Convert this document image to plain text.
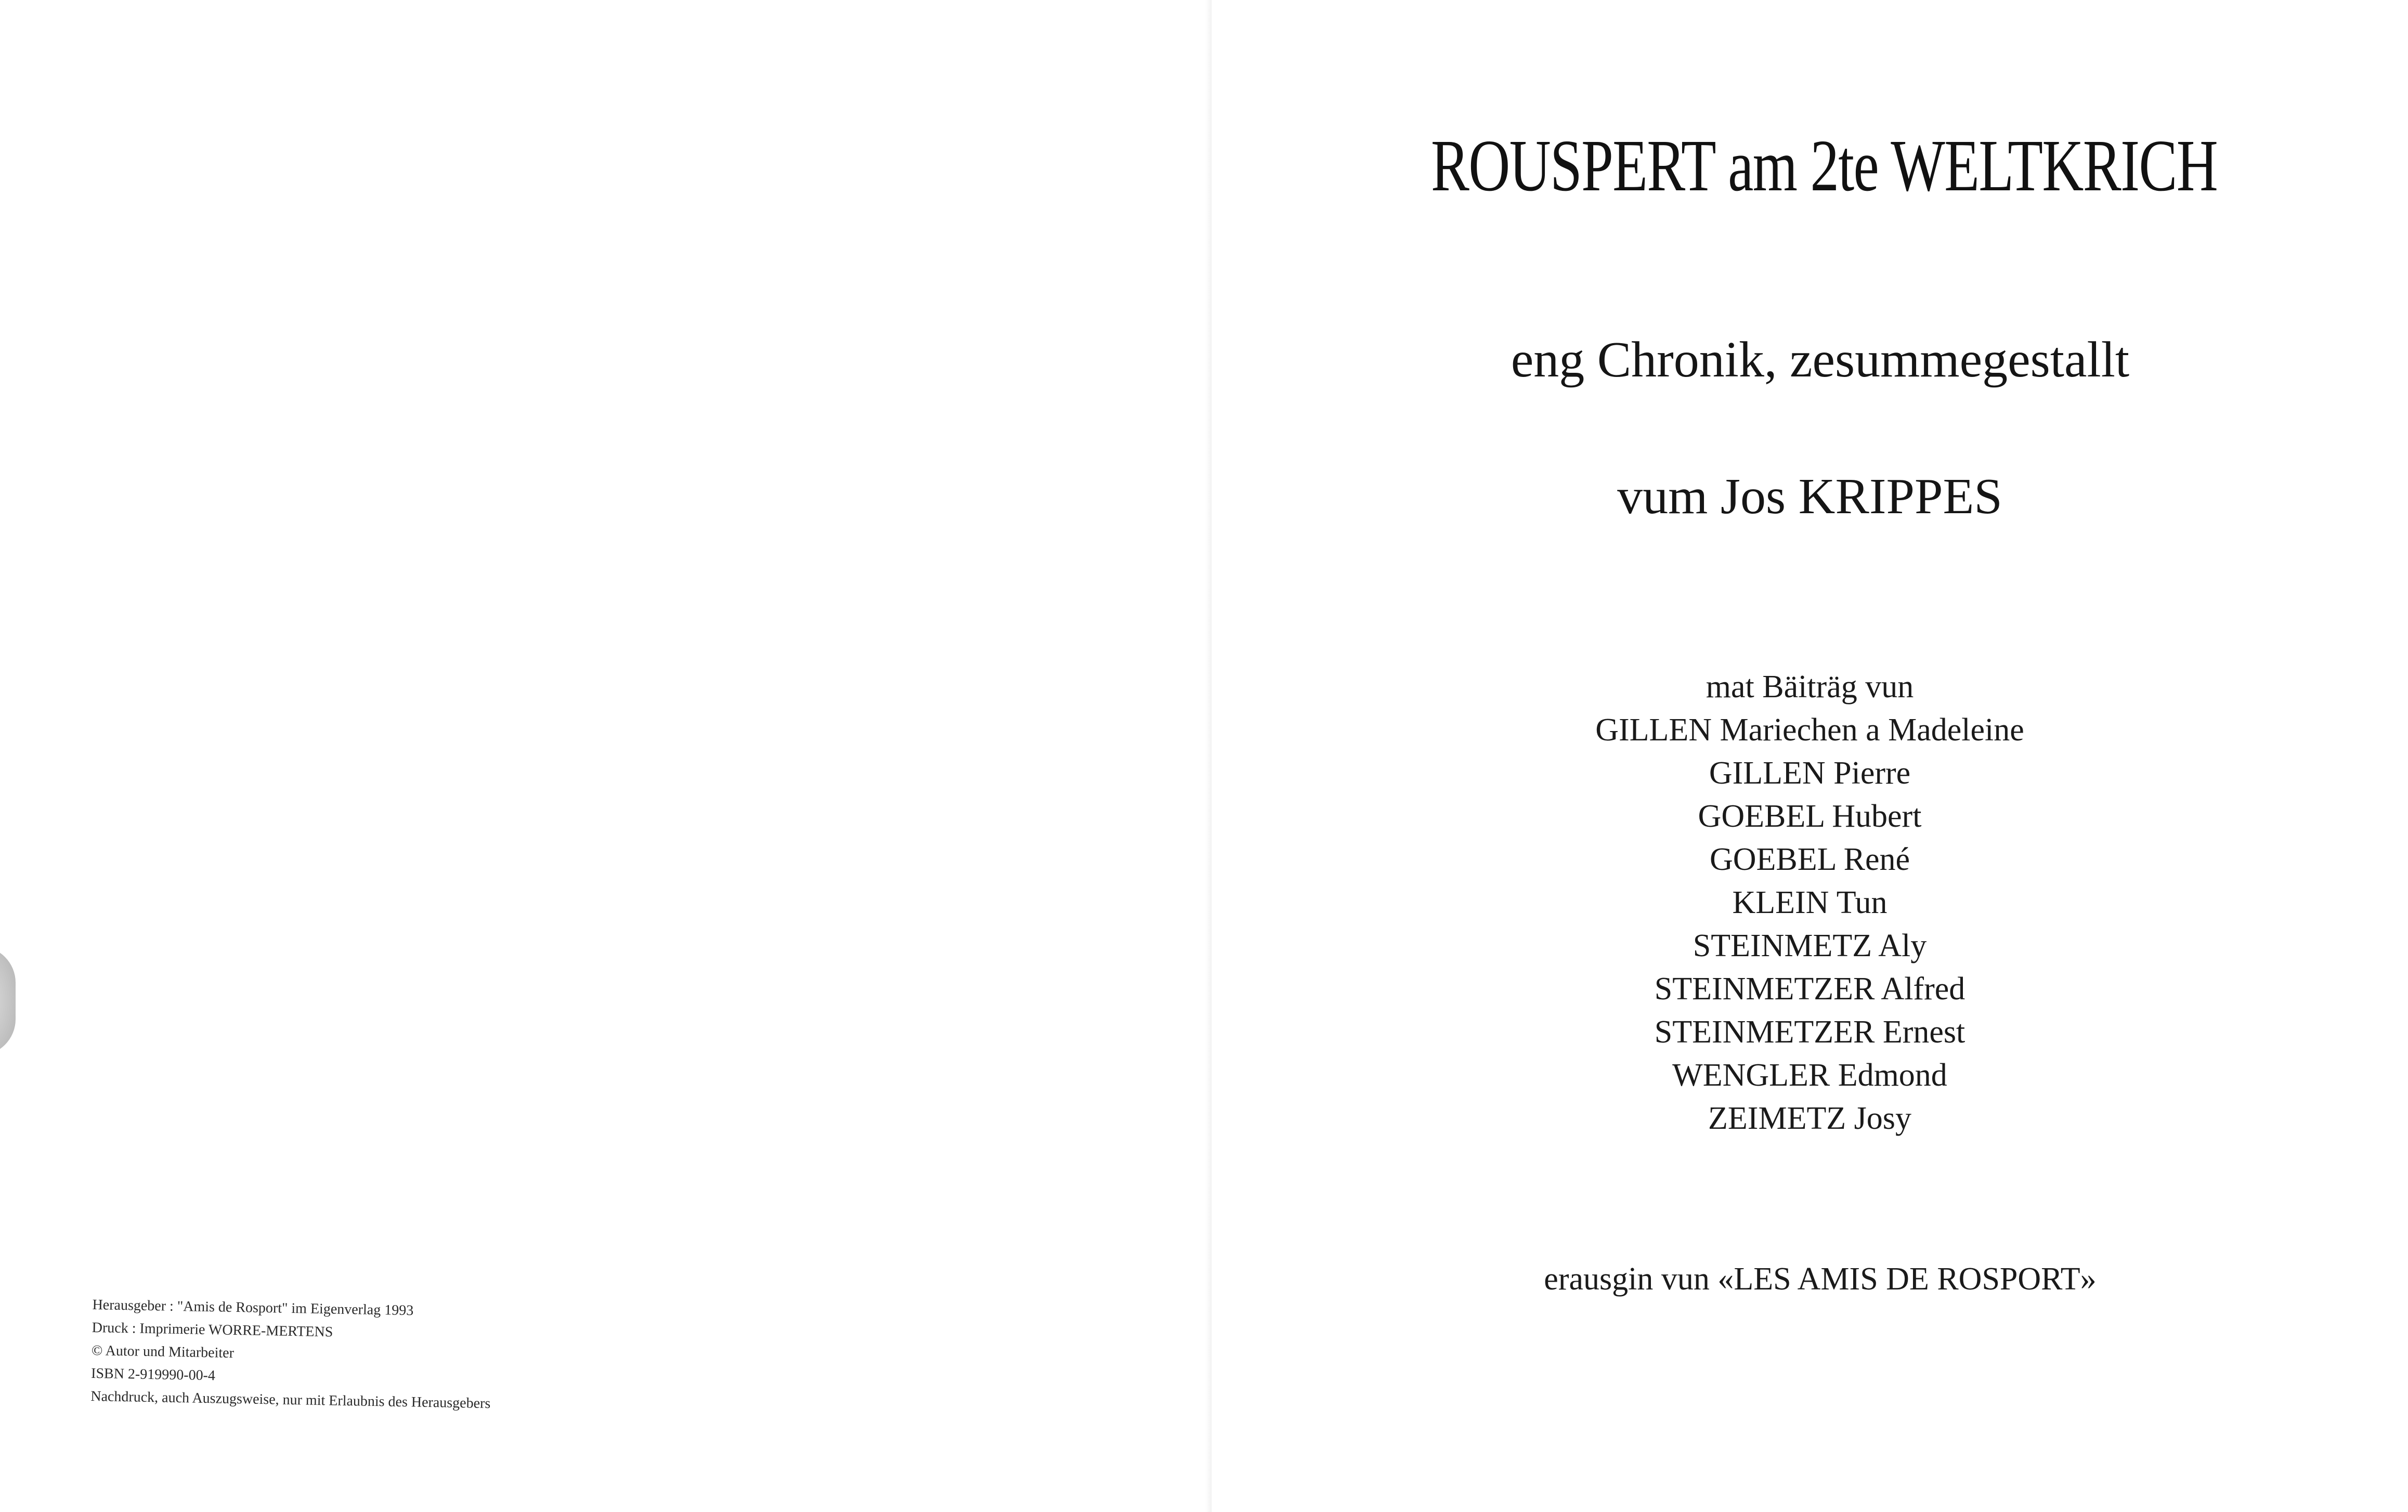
Herausgeber : "Amis de Rosport" im Eigenverlag 1993
Druck : Imprimerie WORRE-MERTENS
© Autor und Mitarbeiter
ISBN 2-919990-00-4
Nachdruck, auch Auszugsweise, nur mit Erlaubnis des Herausgebers
ROUSPERT am 2te WELTKRICH
eng Chronik, zesummegestallt
vum Jos KRIPPES
mat Bäiträg vun
GILLEN Mariechen a Madeleine
GILLEN Pierre
GOEBEL Hubert
GOEBEL René
KLEIN Tun
STEINMETZ Aly
STEINMETZER Alfred
STEINMETZER Ernest
WENGLER Edmond
ZEIMETZ Josy
erausgin vun «LES AMIS DE ROSPORT»
